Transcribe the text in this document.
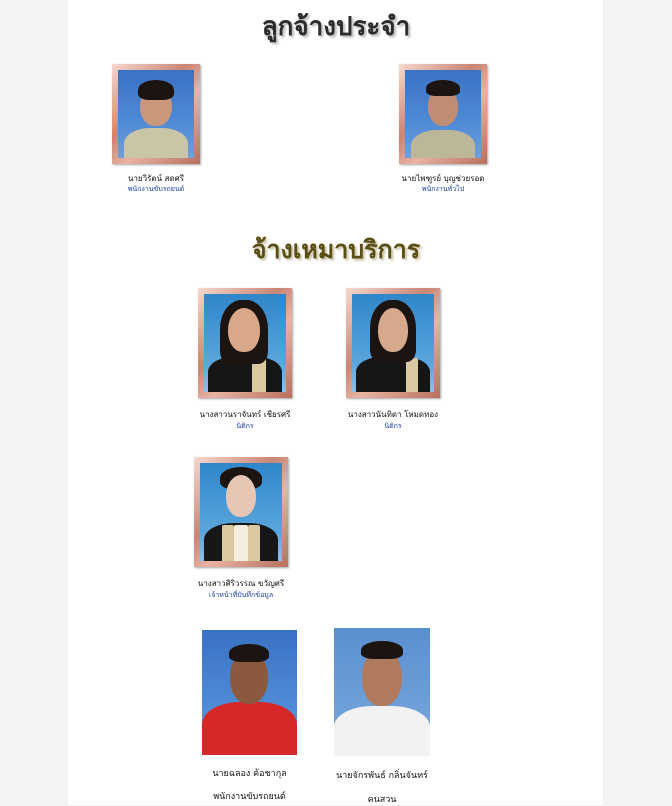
ลูกจ้างประจำ
นายวิรัตน์ สดศรี
พนักงานขับรถยนต์
นายไพฑูรย์ บุญช่วยรอด
พนักงานทั่วไป
จ้างเหมาบริการ
นางสาวนราจันทร์ เชียรศรี
นิติกร
นางสาวนันทิดา โหมดทอง
นิติกร
นางสาวศิริวรรณ ขวัญศรี
เจ้าหน้าที่บันทึกข้อมูล
นายฉลอง ค้อชากุล
พนักงานขับรถยนต์
นายจักรพันธ์ กลิ่นจันทร์
คนสวน
